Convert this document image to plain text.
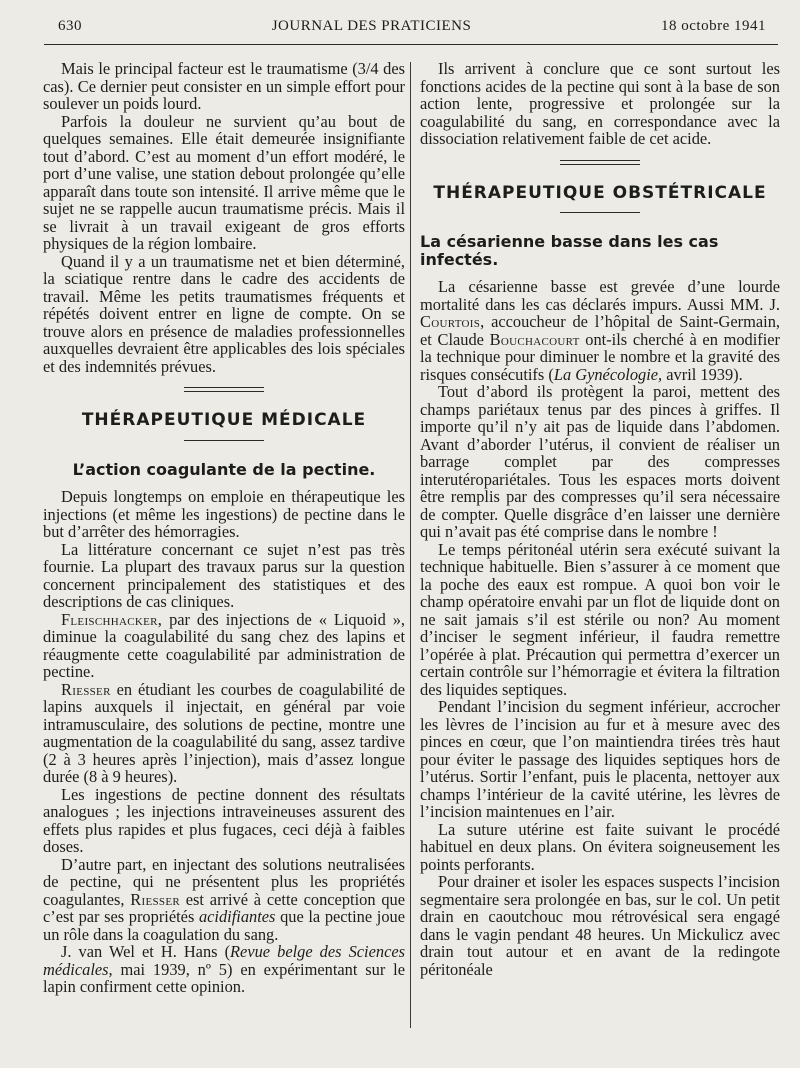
630	JOURNAL DES PRATICIENS	18 octobre 1941

Mais le principal facteur est le traumatisme (3/4 des cas). Ce dernier peut consister en un simple effort pour soulever un poids lourd.

Parfois la douleur ne survient qu’au bout de quelques semaines. Elle était demeurée insignifiante tout d’abord. C’est au moment d’un effort modéré, le port d’une valise, une station debout prolongée qu’elle apparaît dans toute son intensité. Il arrive même que le sujet ne se rappelle aucun traumatisme précis. Mais il se livrait à un travail exigeant de gros efforts physiques de la région lombaire.

Quand il y a un traumatisme net et bien déterminé, la sciatique rentre dans le cadre des accidents de travail. Même les petits traumatismes fréquents et répétés doivent entrer en ligne de compte. On se trouve alors en présence de maladies professionnelles auxquelles devraient être applicables des lois spéciales et des indemnités prévues.

THÉRAPEUTIQUE MÉDICALE
L’action coagulante de la pectine.

Depuis longtemps on emploie en thérapeutique les injections (et même les ingestions) de pectine dans le but d’arrêter des hémorragies.

La littérature concernant ce sujet n’est pas très fournie. La plupart des travaux parus sur la question concernent principalement des statistiques et des descriptions de cas cliniques.

Fleischhacker, par des injections de « Liquoid », diminue la coagulabilité du sang chez des lapins et réaugmente cette coagulabilité par administration de pectine.

Riesser en étudiant les courbes de coagulabilité de lapins auxquels il injectait, en général par voie intramusculaire, des solutions de pectine, montre une augmentation de la coagulabilité du sang, assez tardive (2 à 3 heures après l’injection), mais d’assez longue durée (8 à 9 heures).

Les ingestions de pectine donnent des résultats analogues ; les injections intraveineuses assurent des effets plus rapides et plus fugaces, ceci déjà à faibles doses.

D’autre part, en injectant des solutions neutralisées de pectine, qui ne présentent plus les propriétés coagulantes, Riesser est arrivé à cette conception que c’est par ses propriétés acidifiantes que la pectine joue un rôle dans la coagulation du sang.

J. van Wel et H. Hans (Revue belge des Sciences médicales, mai 1939, nº 5) en expérimentant sur le lapin confirment cette opinion.

Ils arrivent à conclure que ce sont surtout les fonctions acides de la pectine qui sont à la base de son action lente, progressive et prolongée sur la coagulabilité du sang, en correspondance avec la dissociation relativement faible de cet acide.

THÉRAPEUTIQUE OBSTÉTRICALE
La césarienne basse dans les cas infectés.

La césarienne basse est grevée d’une lourde mortalité dans les cas déclarés impurs. Aussi MM. J. Courtois, accoucheur de l’hôpital de Saint-Germain, et Claude Bouchacourt ont-ils cherché à en modifier la technique pour diminuer le nombre et la gravité des risques consécutifs (La Gynécologie, avril 1939).

Tout d’abord ils protègent la paroi, mettent des champs pariétaux tenus par des pinces à griffes. Il importe qu’il n’y ait pas de liquide dans l’abdomen. Avant d’aborder l’utérus, il convient de réaliser un barrage complet par des compresses interutéropariétales. Tous les espaces morts doivent être remplis par des compresses qu’il sera nécessaire de compter. Quelle disgrâce d’en laisser une dernière qui n’avait pas été comprise dans le nombre !

Le temps péritonéal utérin sera exécuté suivant la technique habituelle. Bien s’assurer à ce moment que la poche des eaux est rompue. A quoi bon voir le champ opératoire envahi par un flot de liquide dont on ne sait jamais s’il est stérile ou non? Au moment d’inciser le segment inférieur, il faudra remettre l’opérée à plat. Précaution qui permettra d’exercer un certain contrôle sur l’hémorragie et évitera la filtration des liquides septiques.

Pendant l’incision du segment inférieur, accrocher les lèvres de l’incision au fur et à mesure avec des pinces en cœur, que l’on maintiendra tirées très haut pour éviter le passage des liquides septiques hors de l’utérus. Sortir l’enfant, puis le placenta, nettoyer aux champs l’intérieur de la cavité utérine, les lèvres de l’incision maintenues en l’air.

La suture utérine est faite suivant le procédé habituel en deux plans. On évitera soigneusement les points perforants.

Pour drainer et isoler les espaces suspects l’incision segmentaire sera prolongée en bas, sur le col. Un petit drain en caoutchouc mou rétrovésical sera engagé dans le vagin pendant 48 heures. Un Mickulicz avec drain tout autour et en avant de la redingote péritonéale
